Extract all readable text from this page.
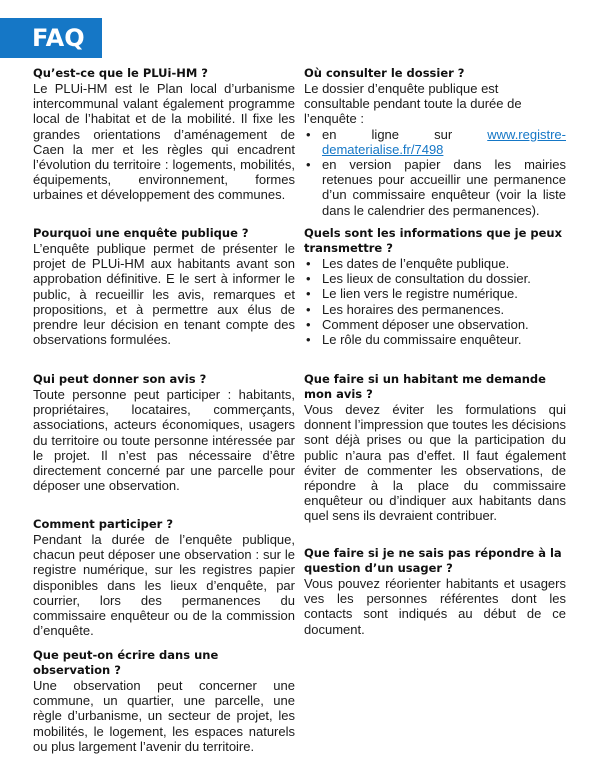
FAQ

Qu’est-ce que le PLUi-HM ?

Le PLUi-HM est le Plan local d’urbanisme intercommunal valant également programme local de l’habitat et de la mobilité. Il fixe les grandes orientations d’aménagement de Caen la mer et les règles qui encadrent l’évolution du territoire : logements, mobilités, équipements, environnement, formes urbaines et développement des communes.

Pourquoi une enquête publique ?

L’enquête publique permet de présenter le projet de PLUi-HM aux habitants avant son approbation définitive. E le sert à informer le public, à recueillir les avis, remarques et propositions, et à permettre aux élus de prendre leur décision en tenant compte des observations formulées.

Qui peut donner son avis ?

Toute personne peut participer : habitants, propriétaires, locataires, commerçants, associations, acteurs économiques, usagers du territoire ou toute personne intéressée par le projet. Il n’est pas nécessaire d’être directement concerné par une parcelle pour déposer une observation.

Comment participer ?

Pendant la durée de l’enquête publique, chacun peut déposer une observation : sur le registre numérique, sur les registres papier disponibles dans les lieux d’enquête, par courrier, lors des permanences du commissaire enquêteur ou de la commission d’enquête.

Que peut-on écrire dans une observation ?

Une observation peut concerner une commune, un quartier, une parcelle, une règle d’urbanisme, un secteur de projet, les mobilités, le logement, les espaces naturels ou plus largement l’avenir du territoire.

Où consulter le dossier ?

Le dossier d’enquête publique est consultable pendant toute la durée de l’enquête :

• en ligne sur www.registre-dematerialise.fr/7498
• en version papier dans les mairies retenues pour accueillir une permanence d’un commissaire enquêteur (voir la liste dans le calendrier des permanences).

Quels sont les informations que je peux transmettre ?

• Les dates de l’enquête publique.
• Les lieux de consultation du dossier.
• Le lien vers le registre numérique.
• Les horaires des permanences.
• Comment déposer une observation.
• Le rôle du commissaire enquêteur.

Que faire si un habitant me demande mon avis ?

Vous devez éviter les formulations qui donnent l’impression que toutes les décisions sont déjà prises ou que la participation du public n’aura pas d’effet. Il faut également éviter de commenter les observations, de répondre à la place du commissaire enquêteur ou d’indiquer aux habitants dans quel sens ils devraient contribuer.

Que faire si je ne sais pas répondre à la question d’un usager ?

Vous pouvez réorienter habitants et usagers ves les personnes référentes dont les contacts sont indiqués au début de ce document.
